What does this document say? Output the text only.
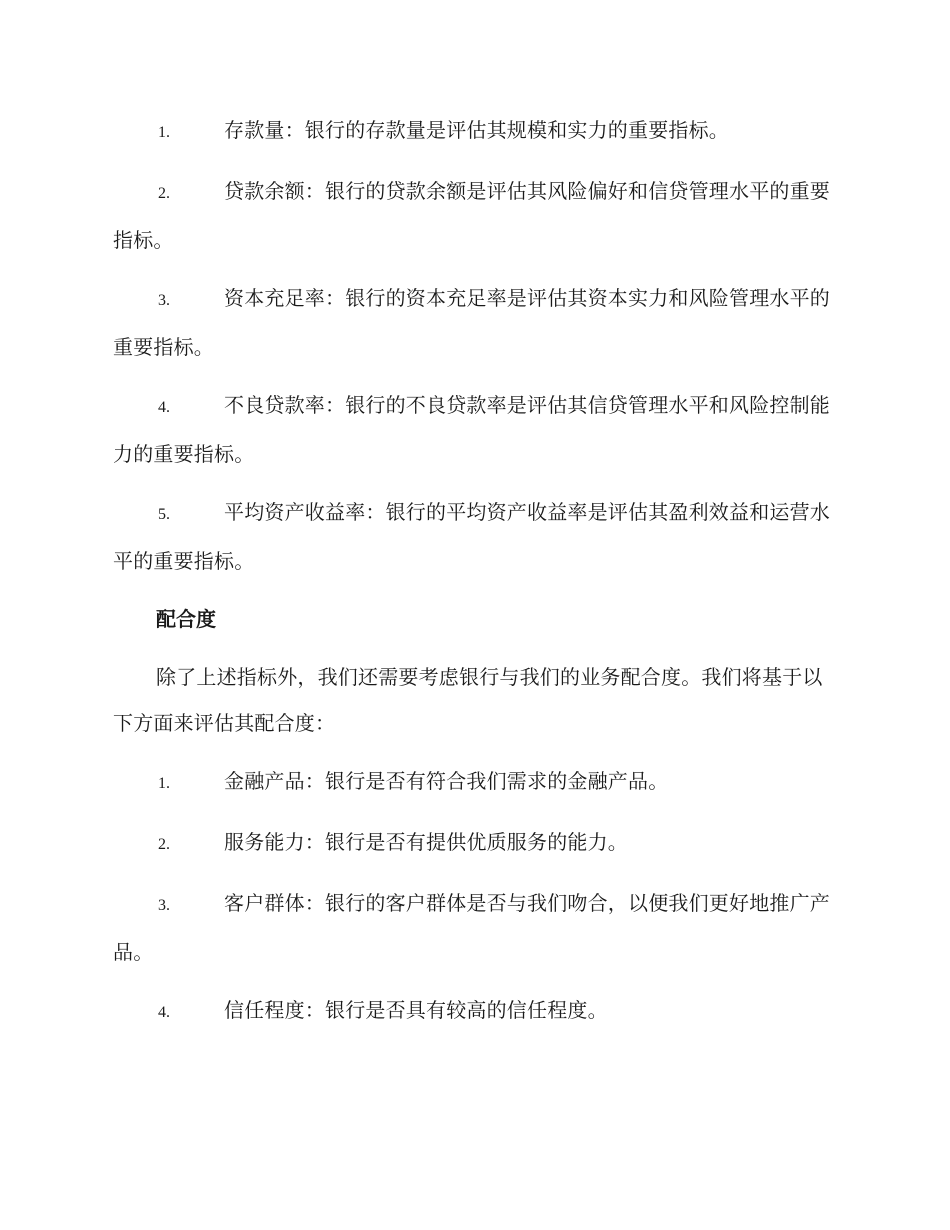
1.	存款量：银行的存款量是评估其规模和实力的重要指标。
2.	贷款余额：银行的贷款余额是评估其风险偏好和信贷管理水平的重要指标。
3.	资本充足率：银行的资本充足率是评估其资本实力和风险管理水平的重要指标。
4.	不良贷款率：银行的不良贷款率是评估其信贷管理水平和风险控制能力的重要指标。
5.	平均资产收益率：银行的平均资产收益率是评估其盈利效益和运营水平的重要指标。
配合度
除了上述指标外，我们还需要考虑银行与我们的业务配合度。我们将基于以下方面来评估其配合度：
1.	金融产品：银行是否有符合我们需求的金融产品。
2.	服务能力：银行是否有提供优质服务的能力。
3.	客户群体：银行的客户群体是否与我们吻合，以便我们更好地推广产品。
4.	信任程度：银行是否具有较高的信任程度。
